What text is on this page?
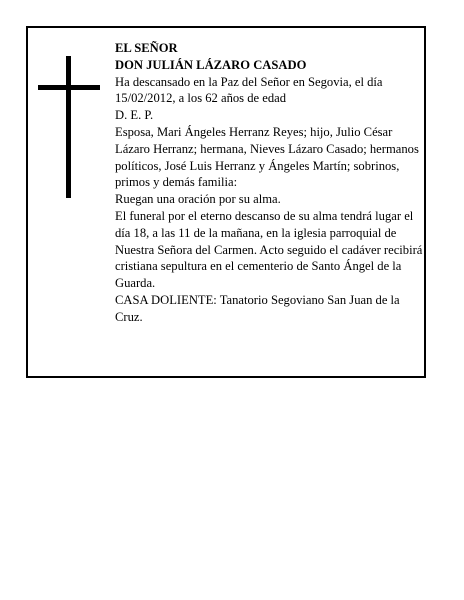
EL SEÑOR

DON JULIÁN LÁZARO CASADO

Ha descansado en la Paz del Señor en Segovia, el día 15/02/2012, a los 62 años de edad

D. E. P.

Esposa, Mari Ángeles Herranz Reyes; hijo, Julio César Lázaro Herranz; hermana, Nieves Lázaro Casado; hermanos políticos, José Luis Herranz y Ángeles Martín; sobrinos, primos y demás familia:

Ruegan una oración por su alma.

El funeral por el eterno descanso de su alma tendrá lugar el día 18, a las 11 de la mañana, en la iglesia parroquial de Nuestra Señora del Carmen. Acto seguido el cadáver recibirá cristiana sepultura en el cementerio de Santo Ángel de la Guarda.

CASA DOLIENTE: Tanatorio Segoviano San Juan de la Cruz.
